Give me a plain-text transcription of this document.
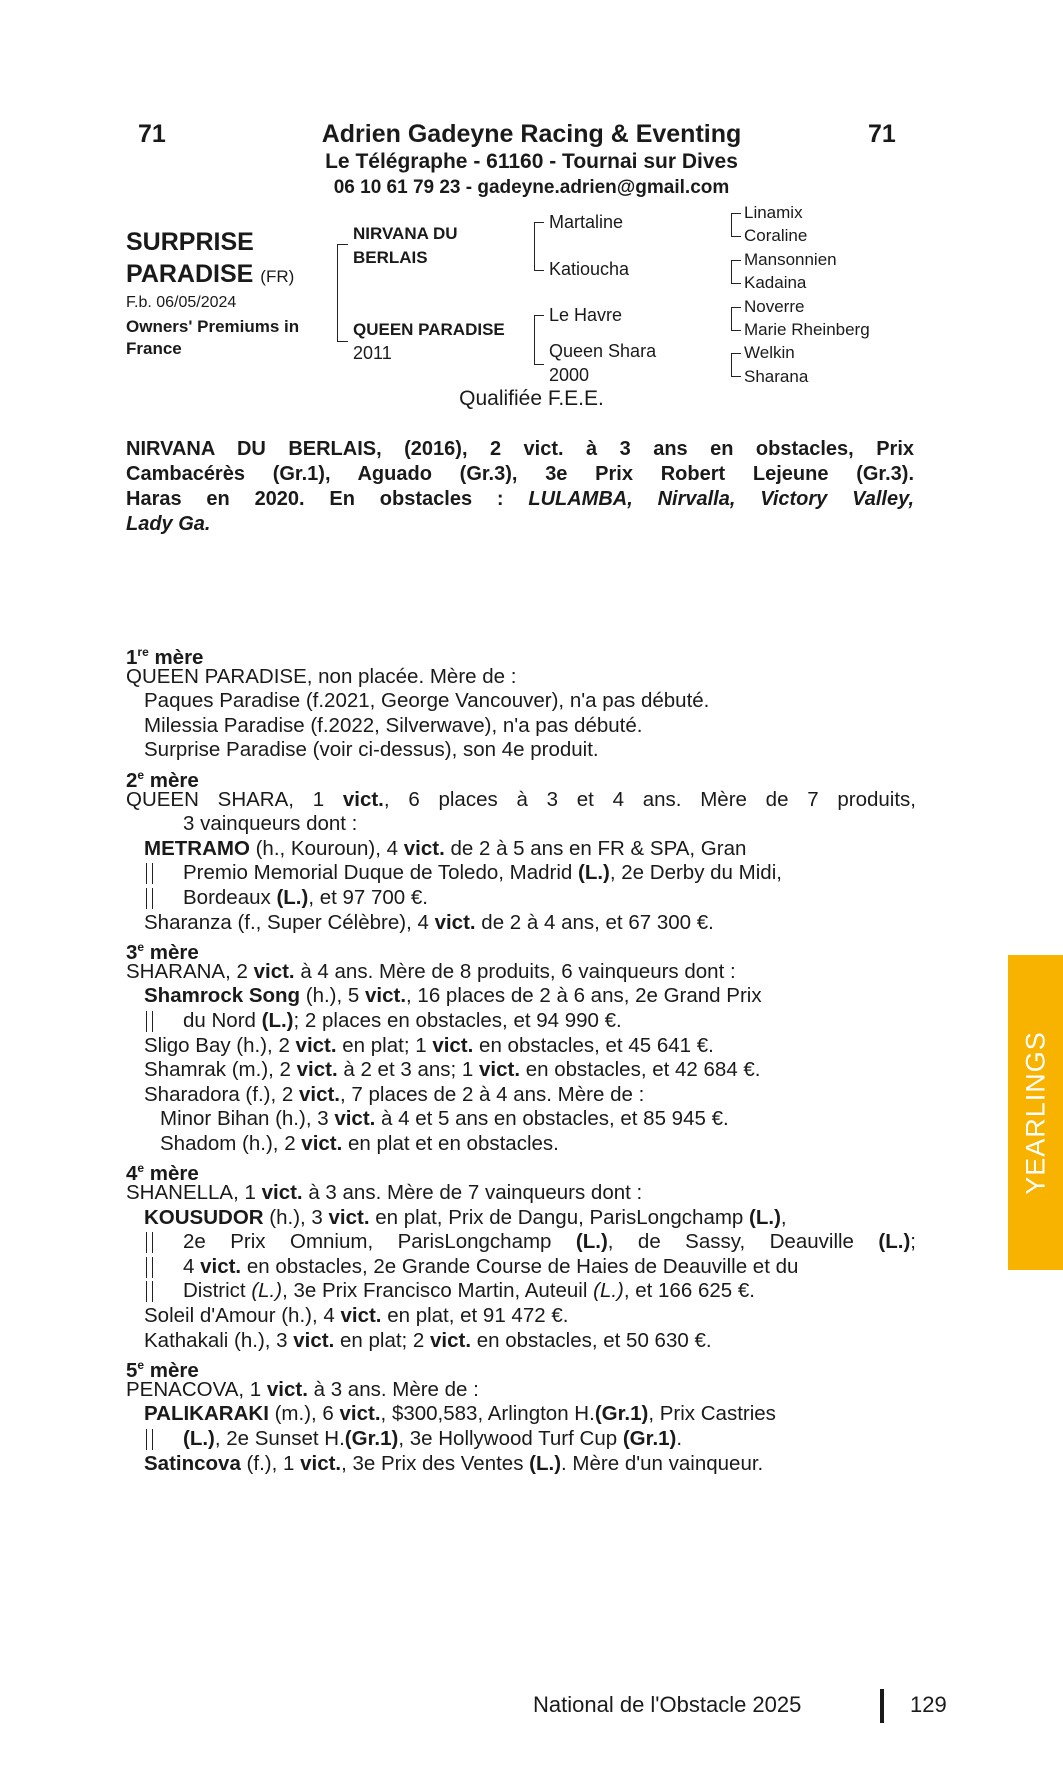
71	71
Adrien Gadeyne Racing & Eventing
Le Télégraphe - 61160 - Tournai sur Dives
06 10 61 79 23 - gadeyne.adrien@gmail.com
SURPRISE
PARADISE (FR)
F.b. 06/05/2024
Owners' Premiums in
France
NIRVANA DU
BERLAIS
QUEEN PARADISE
2011
Martaline
Katioucha
Le Havre
Queen Shara
2000
Linamix
Coraline
Mansonnien
Kadaina
Noverre
Marie Rheinberg
Welkin
Sharana
Qualifiée F.E.E.
NIRVANA DU BERLAIS, (2016), 2 vict. à 3 ans en obstacles, Prix
Cambacérès (Gr.1), Aguado (Gr.3), 3e Prix Robert Lejeune (Gr.3).
Haras en 2020. En obstacles : LULAMBA, Nirvalla, Victory Valley,
Lady Ga.
1re mère
QUEEN PARADISE, non placée. Mère de :
Paques Paradise (f.2021, George Vancouver), n'a pas débuté.
Milessia Paradise (f.2022, Silverwave), n'a pas débuté.
Surprise Paradise (voir ci-dessus), son 4e produit.
2e mère
QUEEN SHARA, 1 vict., 6 places à 3 et 4 ans. Mère de 7 produits,
3 vainqueurs dont :
METRAMO (h., Kouroun), 4 vict. de 2 à 5 ans en FR & SPA, Gran
Premio Memorial Duque de Toledo, Madrid (L.), 2e Derby du Midi,
Bordeaux (L.), et 97 700 €.
Sharanza (f., Super Célèbre), 4 vict. de 2 à 4 ans, et 67 300 €.
3e mère
SHARANA, 2 vict. à 4 ans. Mère de 8 produits, 6 vainqueurs dont :
Shamrock Song (h.), 5 vict., 16 places de 2 à 6 ans, 2e Grand Prix
du Nord (L.); 2 places en obstacles, et 94 990 €.
Sligo Bay (h.), 2 vict. en plat; 1 vict. en obstacles, et 45 641 €.
Shamrak (m.), 2 vict. à 2 et 3 ans; 1 vict. en obstacles, et 42 684 €.
Sharadora (f.), 2 vict., 7 places de 2 à 4 ans. Mère de :
Minor Bihan (h.), 3 vict. à 4 et 5 ans en obstacles, et 85 945 €.
Shadom (h.), 2 vict. en plat et en obstacles.
4e mère
SHANELLA, 1 vict. à 3 ans. Mère de 7 vainqueurs dont :
KOUSUDOR (h.), 3 vict. en plat, Prix de Dangu, ParisLongchamp (L.),
2e Prix Omnium, ParisLongchamp (L.), de Sassy, Deauville (L.);
4 vict. en obstacles, 2e Grande Course de Haies de Deauville et du
District (L.), 3e Prix Francisco Martin, Auteuil (L.), et 166 625 €.
Soleil d'Amour (h.), 4 vict. en plat, et 91 472 €.
Kathakali (h.), 3 vict. en plat; 2 vict. en obstacles, et 50 630 €.
5e mère
PENACOVA, 1 vict. à 3 ans. Mère de :
PALIKARAKI (m.), 6 vict., $300,583, Arlington H.(Gr.1), Prix Castries
(L.), 2e Sunset H.(Gr.1), 3e Hollywood Turf Cup (Gr.1).
Satincova (f.), 1 vict., 3e Prix des Ventes (L.). Mère d'un vainqueur.
YEARLINGS
National de l'Obstacle 2025	129
